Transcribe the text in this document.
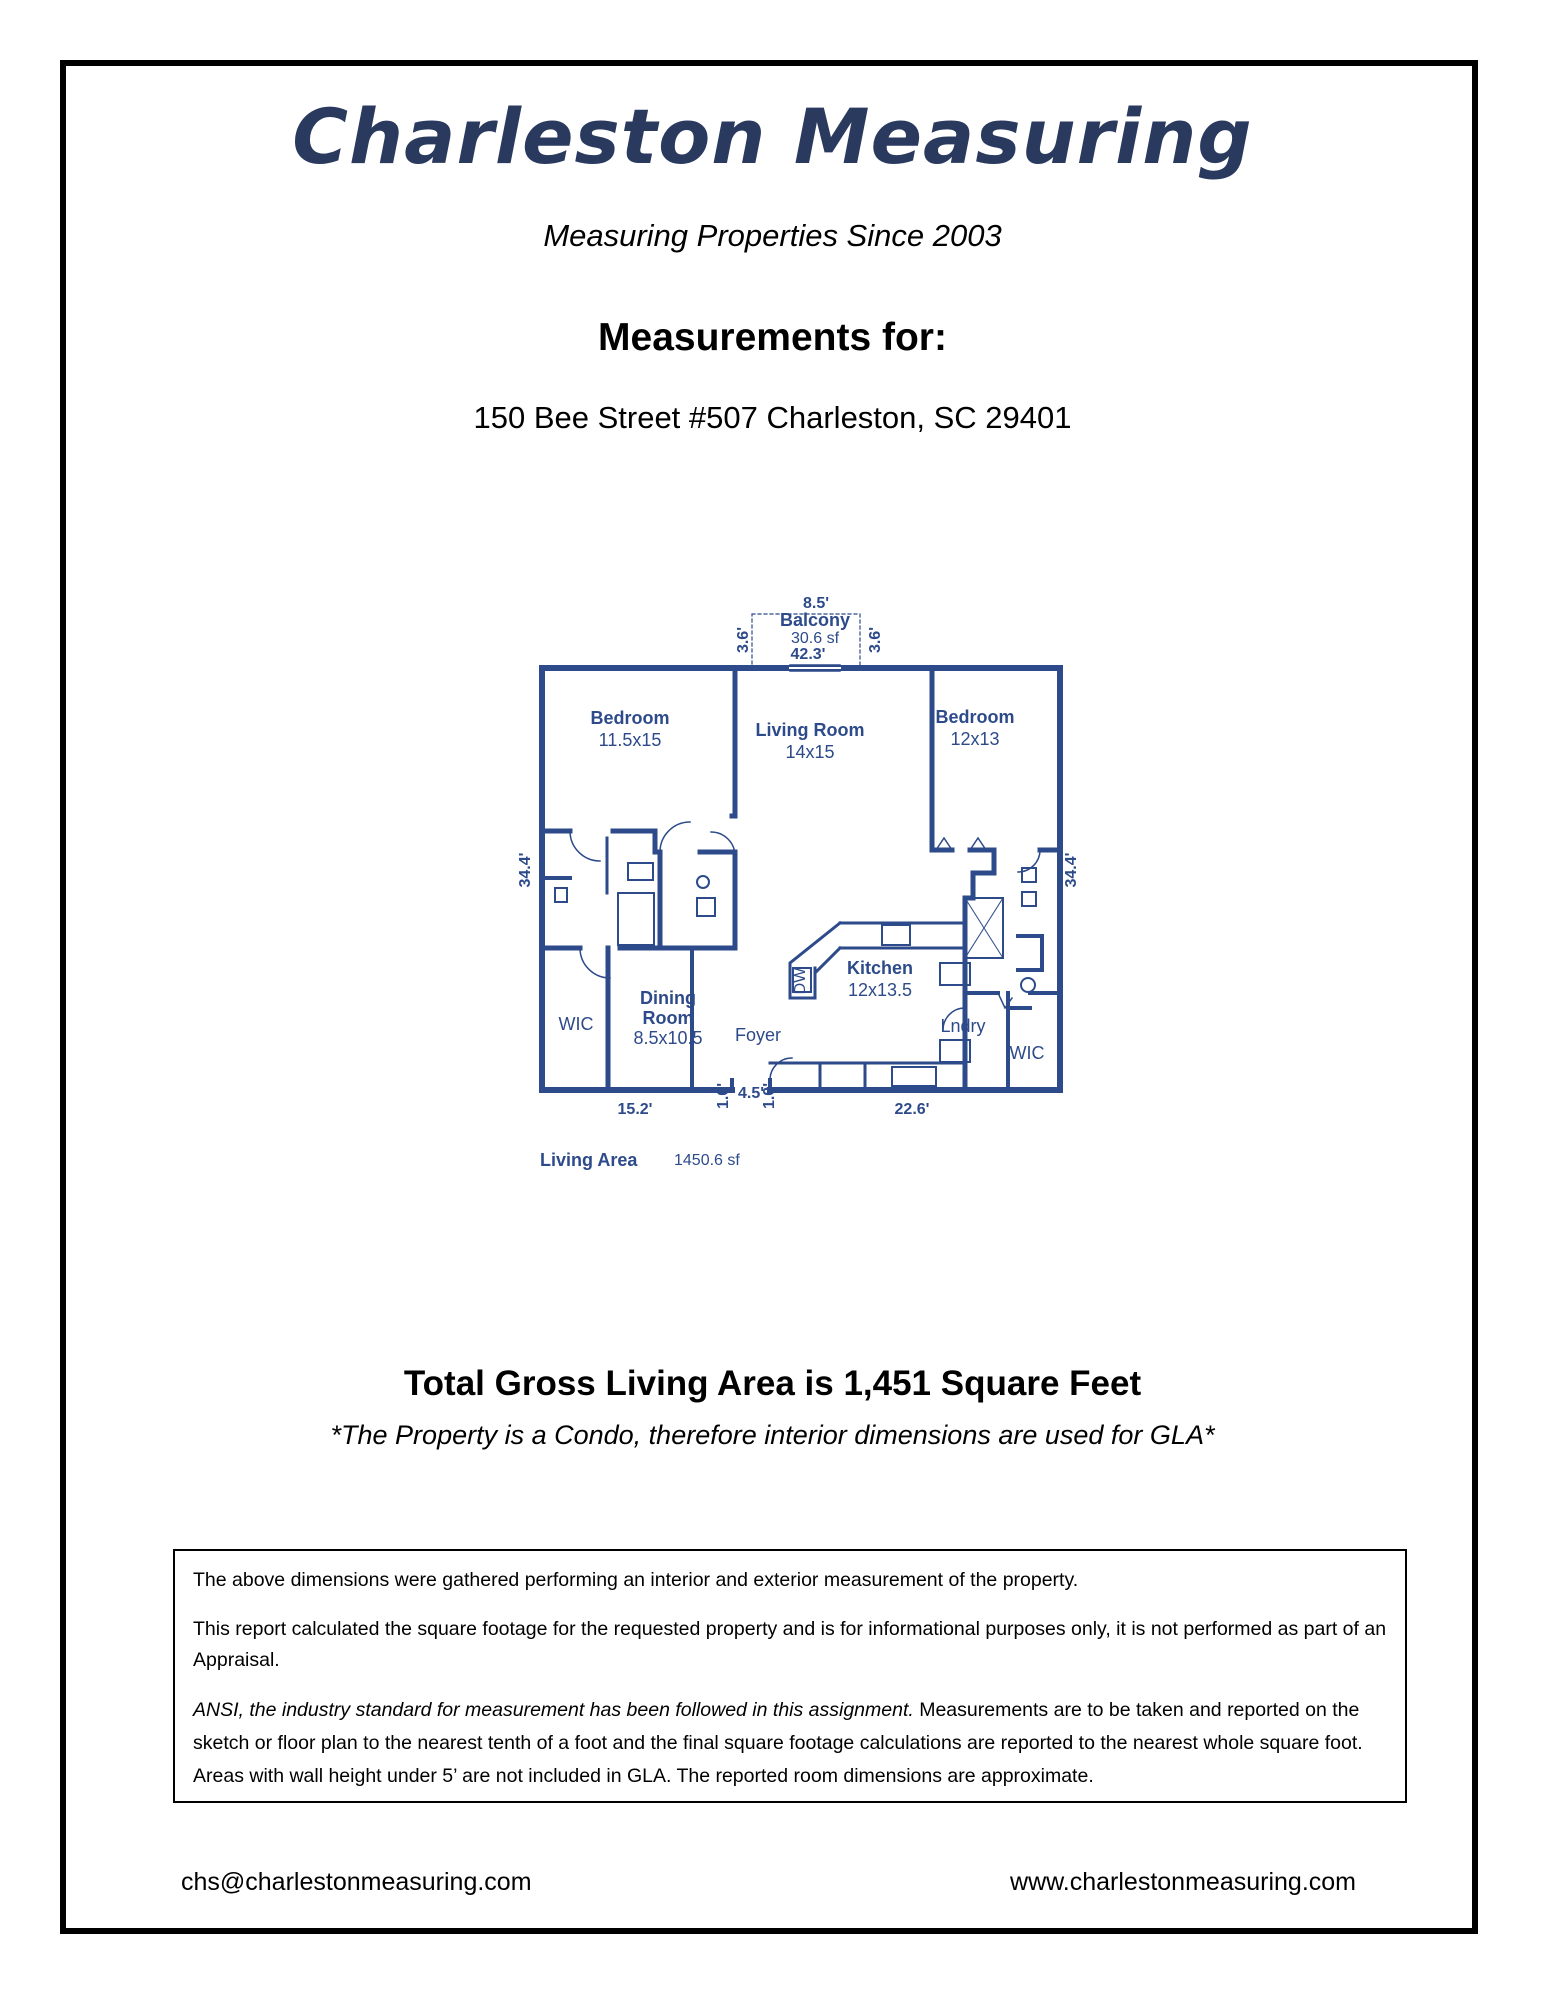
Charleston Measuring
Measuring Properties Since 2003
Measurements for:
150 Bee Street #507 Charleston, SC 29401
Bedroom
11.5x15	Living Room
14x15
Bedroom
12x13
Kitchen
12x13.5
Dining
Room
8.5x10.5 Foyer	Lndry
WIC
WIC
DW
8.5'
Balcony
30.6 sf
42.3'
3.6'	3.6'
34.4'	34.4'
15.2'	22.6'
4.5'
1.0' 1.0'
Living Area 1450.6 sf
Total Gross Living Area is 1,451 Square Feet
*The Property is a Condo, therefore interior dimensions are used for GLA*

The above dimensions were gathered performing an interior and exterior measurement of the property.

This report calculated the square footage for the requested property and is for informational purposes only, it is not performed as part of an Appraisal.

ANSI, the industry standard for measurement has been followed in this assignment. Measurements are to be taken and reported on the sketch or floor plan to the nearest tenth of a foot and the final square footage calculations are reported to the nearest whole square foot. Areas with wall height under 5’ are not included in GLA. The reported room dimensions are approximate.

chs@charlestonmeasuring.com	www.charlestonmeasuring.com
